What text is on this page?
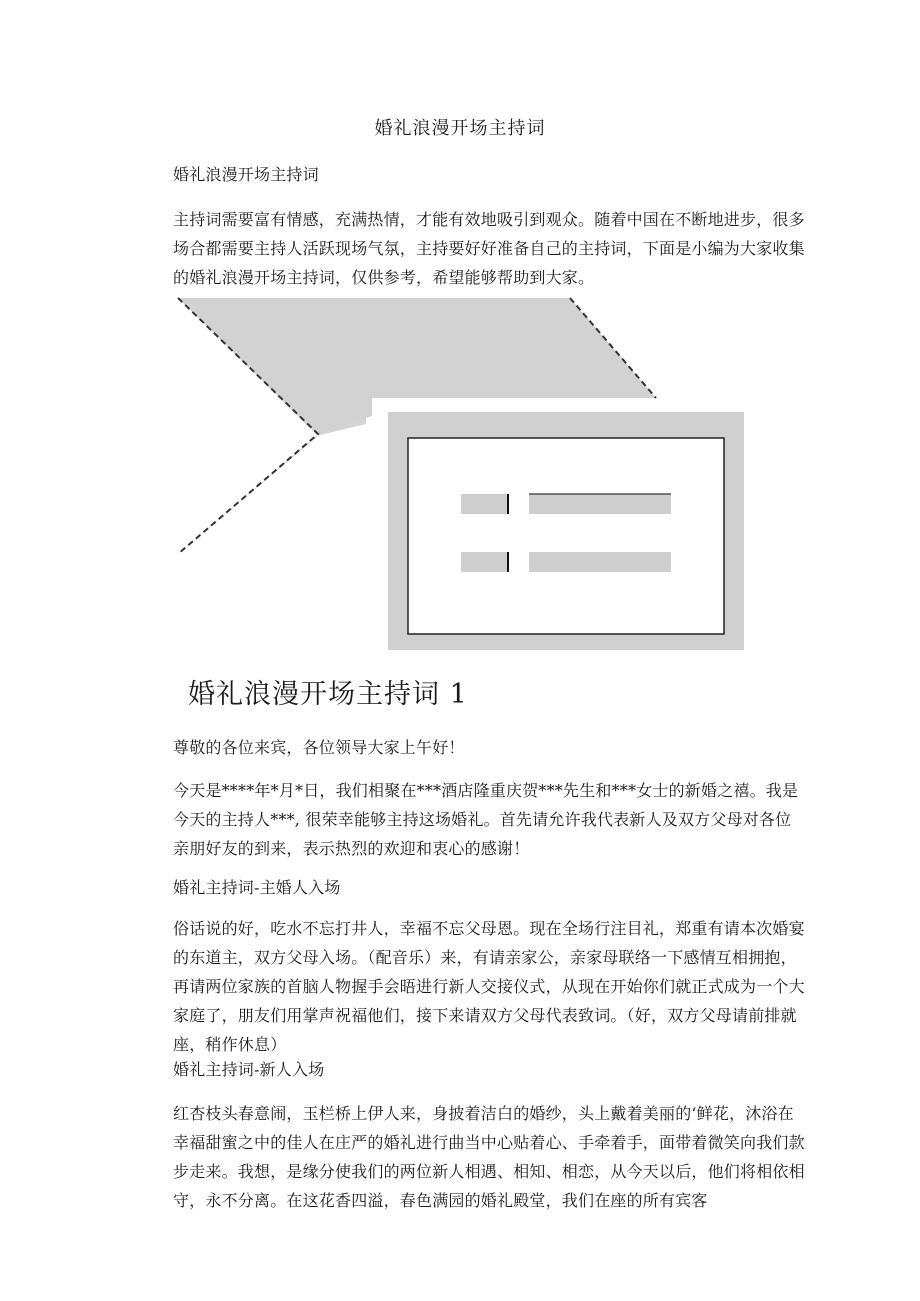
婚礼浪漫开场主持词

婚礼浪漫开场主持词

主持词需要富有情感，充满热情，才能有效地吸引到观众。随着中国在不断地进步，很多场合都需要主持人活跃现场气氛，主持要好好准备自己的主持词，下面是小编为大家收集的婚礼浪漫开场主持词，仅供参考，希望能够帮助到大家。

婚礼浪漫开场主持词 1

尊敬的各位来宾，各位领导大家上午好！

今天是****年*月*日，我们相聚在***酒店隆重庆贺***先生和***女士的新婚之禧。我是今天的主持人***, 很荣幸能够主持这场婚礼。首先请允许我代表新人及双方父母对各位亲朋好友的到来，表示热烈的欢迎和衷心的感谢！

婚礼主持词-主婚人入场

俗话说的好，吃水不忘打井人，幸福不忘父母恩。现在全场行注目礼，郑重有请本次婚宴的东道主，双方父母入场。（配音乐）来，有请亲家公，亲家母联络一下感情互相拥抱，再请两位家族的首脑人物握手会晤进行新人交接仪式，从现在开始你们就正式成为一个大家庭了，朋友们用掌声祝福他们，接下来请双方父母代表致词。（好，双方父母请前排就座，稍作休息）

婚礼主持词-新人入场

红杏枝头春意闹，玉栏桥上伊人来，身披着洁白的婚纱，头上戴着美丽的‘鲜花，沐浴在幸福甜蜜之中的佳人在庄严的婚礼进行曲当中心贴着心、手牵着手，面带着微笑向我们款步走来。我想，是缘分使我们的两位新人相遇、相知、相恋，从今天以后，他们将相依相守，永不分离。在这花香四溢，春色满园的婚礼殿堂，我们在座的所有宾客
